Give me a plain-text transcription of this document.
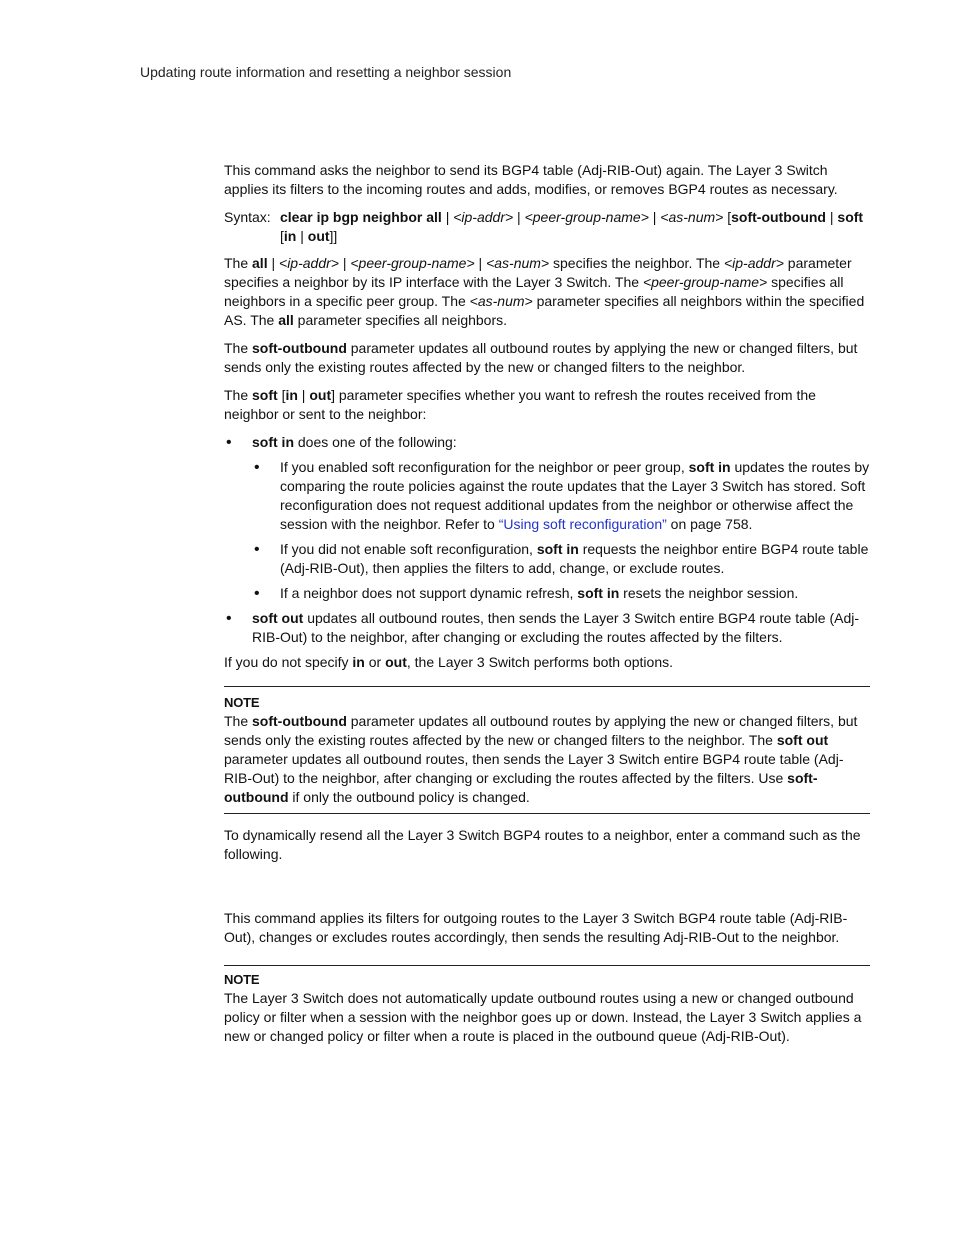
Updating route information and resetting a neighbor session

This command asks the neighbor to send its BGP4 table (Adj-RIB-Out) again. The Layer 3 Switch applies its filters to the incoming routes and adds, modifies, or removes BGP4 routes as necessary.

Syntax: clear ip bgp neighbor all | <ip-addr> | <peer-group-name> | <as-num> [soft-outbound | soft [in | out]]

The all | <ip-addr> | <peer-group-name> | <as-num> specifies the neighbor. The <ip-addr> parameter specifies a neighbor by its IP interface with the Layer 3 Switch. The <peer-group-name> specifies all neighbors in a specific peer group. The <as-num> parameter specifies all neighbors within the specified AS. The all parameter specifies all neighbors.

The soft-outbound parameter updates all outbound routes by applying the new or changed filters, but sends only the existing routes affected by the new or changed filters to the neighbor.

The soft [in | out] parameter specifies whether you want to refresh the routes received from the neighbor or sent to the neighbor:

• soft in does one of the following:
• If you enabled soft reconfiguration for the neighbor or peer group, soft in updates the routes by comparing the route policies against the route updates that the Layer 3 Switch has stored. Soft reconfiguration does not request additional updates from the neighbor or otherwise affect the session with the neighbor. Refer to “Using soft reconfiguration” on page 758.
• If you did not enable soft reconfiguration, soft in requests the neighbor entire BGP4 route table (Adj-RIB-Out), then applies the filters to add, change, or exclude routes.
• If a neighbor does not support dynamic refresh, soft in resets the neighbor session.
• soft out updates all outbound routes, then sends the Layer 3 Switch entire BGP4 route table (Adj-RIB-Out) to the neighbor, after changing or excluding the routes affected by the filters.

If you do not specify in or out, the Layer 3 Switch performs both options.

NOTE

The soft-outbound parameter updates all outbound routes by applying the new or changed filters, but sends only the existing routes affected by the new or changed filters to the neighbor. The soft out parameter updates all outbound routes, then sends the Layer 3 Switch entire BGP4 route table (Adj-RIB-Out) to the neighbor, after changing or excluding the routes affected by the filters. Use soft-outbound if only the outbound policy is changed.

To dynamically resend all the Layer 3 Switch BGP4 routes to a neighbor, enter a command such as the following.

This command applies its filters for outgoing routes to the Layer 3 Switch BGP4 route table (Adj-RIB-Out), changes or excludes routes accordingly, then sends the resulting Adj-RIB-Out to the neighbor.

NOTE

The Layer 3 Switch does not automatically update outbound routes using a new or changed outbound policy or filter when a session with the neighbor goes up or down. Instead, the Layer 3 Switch applies a new or changed policy or filter when a route is placed in the outbound queue (Adj-RIB-Out).
